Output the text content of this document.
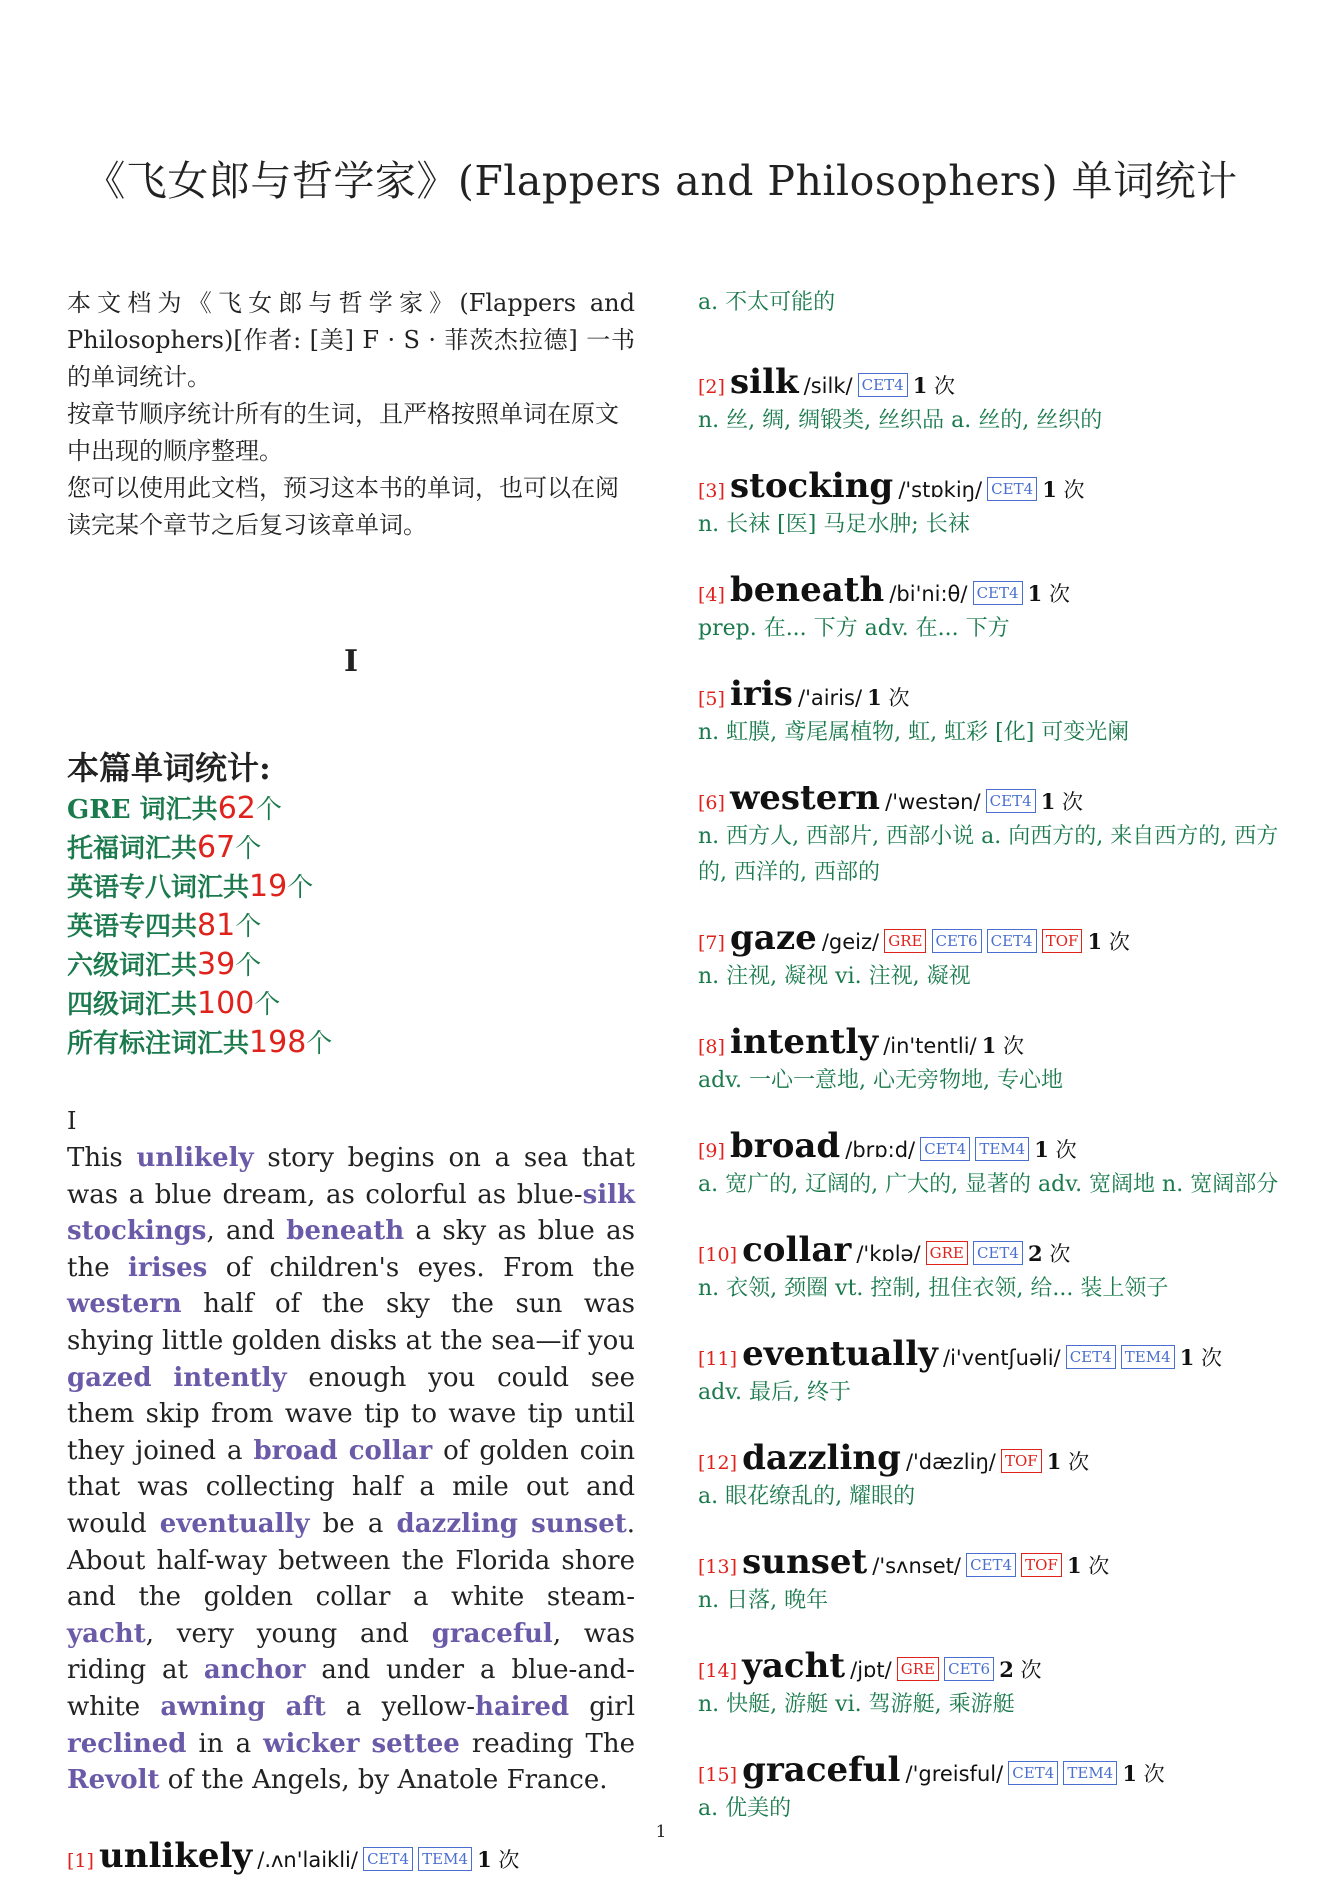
《飞女郎与哲学家》(Flappers and Philosophers) 单词统计

本文档为《飞女郎与哲学家》(Flappers and Philosophers)[作者: [美] F · S · 菲茨杰拉德] 一书的单词统计。

按章节顺序统计所有的生词，且严格按照单词在原文中出现的顺序整理。

您可以使用此文档，预习这本书的单词，也可以在阅读完某个章节之后复习该章单词。

I
本篇单词统计:
GRE 词汇共62个
托福词汇共67个
英语专八词汇共19个
英语专四共81个
六级词汇共39个
四级词汇共100个
所有标注词汇共198个
I
This unlikely story begins on a sea that was a blue dream, as colorful as blue-silk stockings, and beneath a sky as blue as the irises of children's eyes. From the western half of the sky the sun was shying little golden disks at the sea—if you gazed intently enough you could see them skip from wave tip to wave tip until they joined a broad collar of golden coin that was collecting half a mile out and would eventually be a dazzling sunset. About half-way between the Florida shore and the golden collar a white steam-yacht, very young and graceful, was riding at anchor and under a blue-and-white awning aft a yellow-haired girl reclined in a wicker settee reading The Revolt of the Angels, by Anatole France.
[1] unlikely /.ʌn'laikli/ CET4 TEM4 1 次
a. 不太可能的
[2] silk /silk/ CET4 1 次
n. 丝, 绸, 绸锻类, 丝织品 a. 丝的, 丝织的
[3] stocking /'stɒkiŋ/ CET4 1 次
n. 长袜 [医] 马足水肿; 长袜
[4] beneath /bi'ni:θ/ CET4 1 次
prep. 在... 下方 adv. 在... 下方
[5] iris /'airis/ 1 次
n. 虹膜, 鸢尾属植物, 虹, 虹彩 [化] 可变光阑
[6] western /'westən/ CET4 1 次
n. 西方人, 西部片, 西部小说 a. 向西方的, 来自西方的, 西方的, 西洋的, 西部的
[7] gaze /geiz/ GRE CET6 CET4 TOF 1 次
n. 注视, 凝视 vi. 注视, 凝视
[8] intently /in'tentli/ 1 次
adv. 一心一意地, 心无旁物地, 专心地
[9] broad /brɒ:d/ CET4 TEM4 1 次
a. 宽广的, 辽阔的, 广大的, 显著的 adv. 宽阔地 n. 宽阔部分
[10] collar /'kɒlə/ GRE CET4 2 次
n. 衣领, 颈圈 vt. 控制, 扭住衣领, 给... 装上领子
[11] eventually /i'ventʃuəli/ CET4 TEM4 1 次
adv. 最后, 终于
[12] dazzling /'dæzliŋ/ TOF 1 次
a. 眼花缭乱的, 耀眼的
[13] sunset /'sʌnset/ CET4 TOF 1 次
n. 日落, 晚年
[14] yacht /jɒt/ GRE CET6 2 次
n. 快艇, 游艇 vi. 驾游艇, 乘游艇
[15] graceful /'greisful/ CET4 TEM4 1 次
a. 优美的
1
